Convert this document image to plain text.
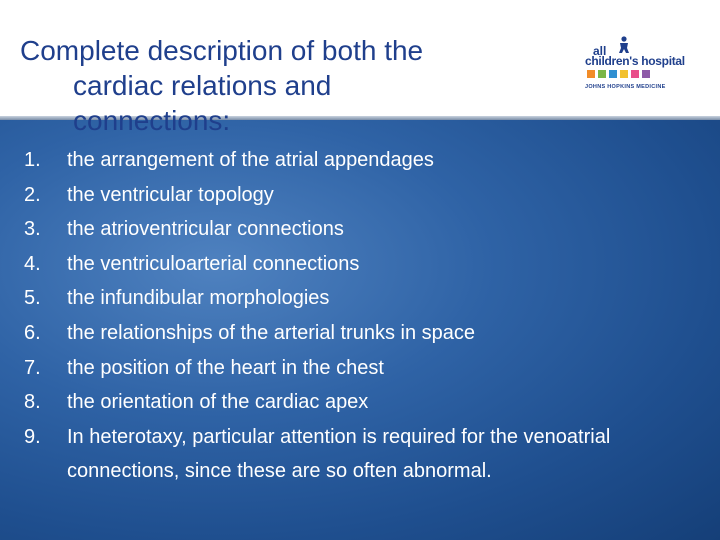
Complete description of both the
cardiac relations and
connections:
all
children's hospital
JOHNS HOPKINS MEDICINE
1.	the arrangement of the atrial appendages
2.	the ventricular topology
3.	the atrioventricular connections
4.	the ventriculoarterial connections
5.	the infundibular morphologies
6.	the relationships of the arterial trunks in space
7.	the position of the heart in the chest
8.	the orientation of the cardiac apex
9.	In heterotaxy, particular attention is required for the venoatrial connections, since these are so often abnormal.
